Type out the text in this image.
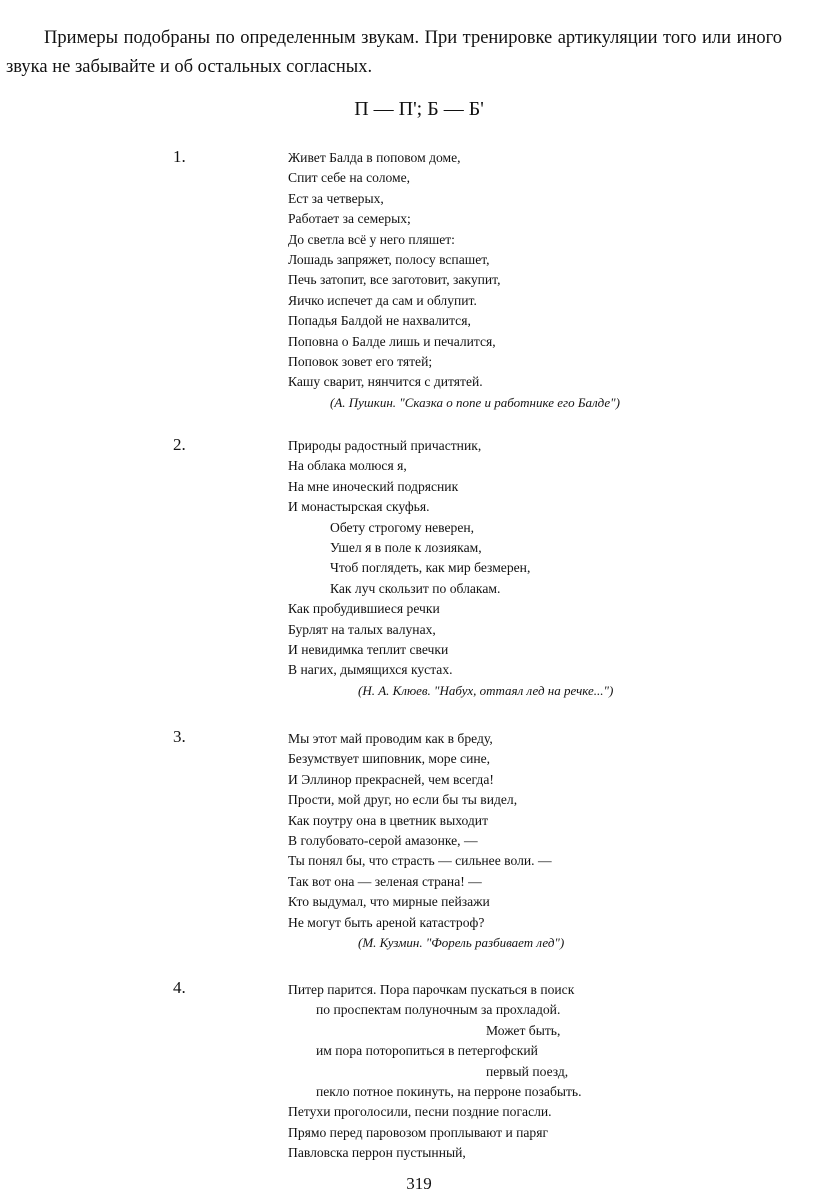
Примеры подобраны по определенным звукам. При тренировке артикуляции того или иного звука не забывайте и об остальных согласных.

П — П'; Б — Б'
1.	Живет Балда в поповом доме,
Спит себе на соломе,
Ест за четверых,
Работает за семерых;
До светла всё у него пляшет:
Лошадь запряжет, полосу вспашет,
Печь затопит, все заготовит, закупит,
Яичко испечет да сам и облупит.
Попадья Балдой не нахвалится,
Поповна о Балде лишь и печалится,
Поповок зовет его тятей;
Кашу сварит, нянчится с дитятей.
(А. Пушкин. "Сказка о попе и работнике его Балде")
2.	Природы радостный причастник,
На облака молюся я,
На мне иноческий подрясник
И монастырская скуфья.
Обету строгому неверен,
Ушел я в поле к лозиякам,
Чтоб поглядеть, как мир безмерен,
Как луч скользит по облакам.
Как пробудившиеся речки
Бурлят на талых валунах,
И невидимка теплит свечки
В нагих, дымящихся кустах.
(Н. А. Клюев. "Набух, оттаял лед на речке...")
3.	Мы этот май проводим как в бреду,
Безумствует шиповник, море сине,
И Эллинор прекрасней, чем всегда!
Прости, мой друг, но если бы ты видел,
Как поутру она в цветник выходит
В голубовато-серой амазонке, —
Ты понял бы, что страсть — сильнее воли. —
Так вот она — зеленая страна! —
Кто выдумал, что мирные пейзажи
Не могут быть ареной катастроф?
(М. Кузмин. "Форель разбивает лед")
4.	Питер парится. Пора парочкам пускаться в поиск
по проспектам полуночным за прохладой.
Может быть,
им пора поторопиться в петергофский
первый поезд,
пекло потное покинуть, на перроне позабыть.
Петухи проголосили, песни поздние погасли.
Прямо перед паровозом проплывают и паряг
Павловска перрон пустынный,
319
